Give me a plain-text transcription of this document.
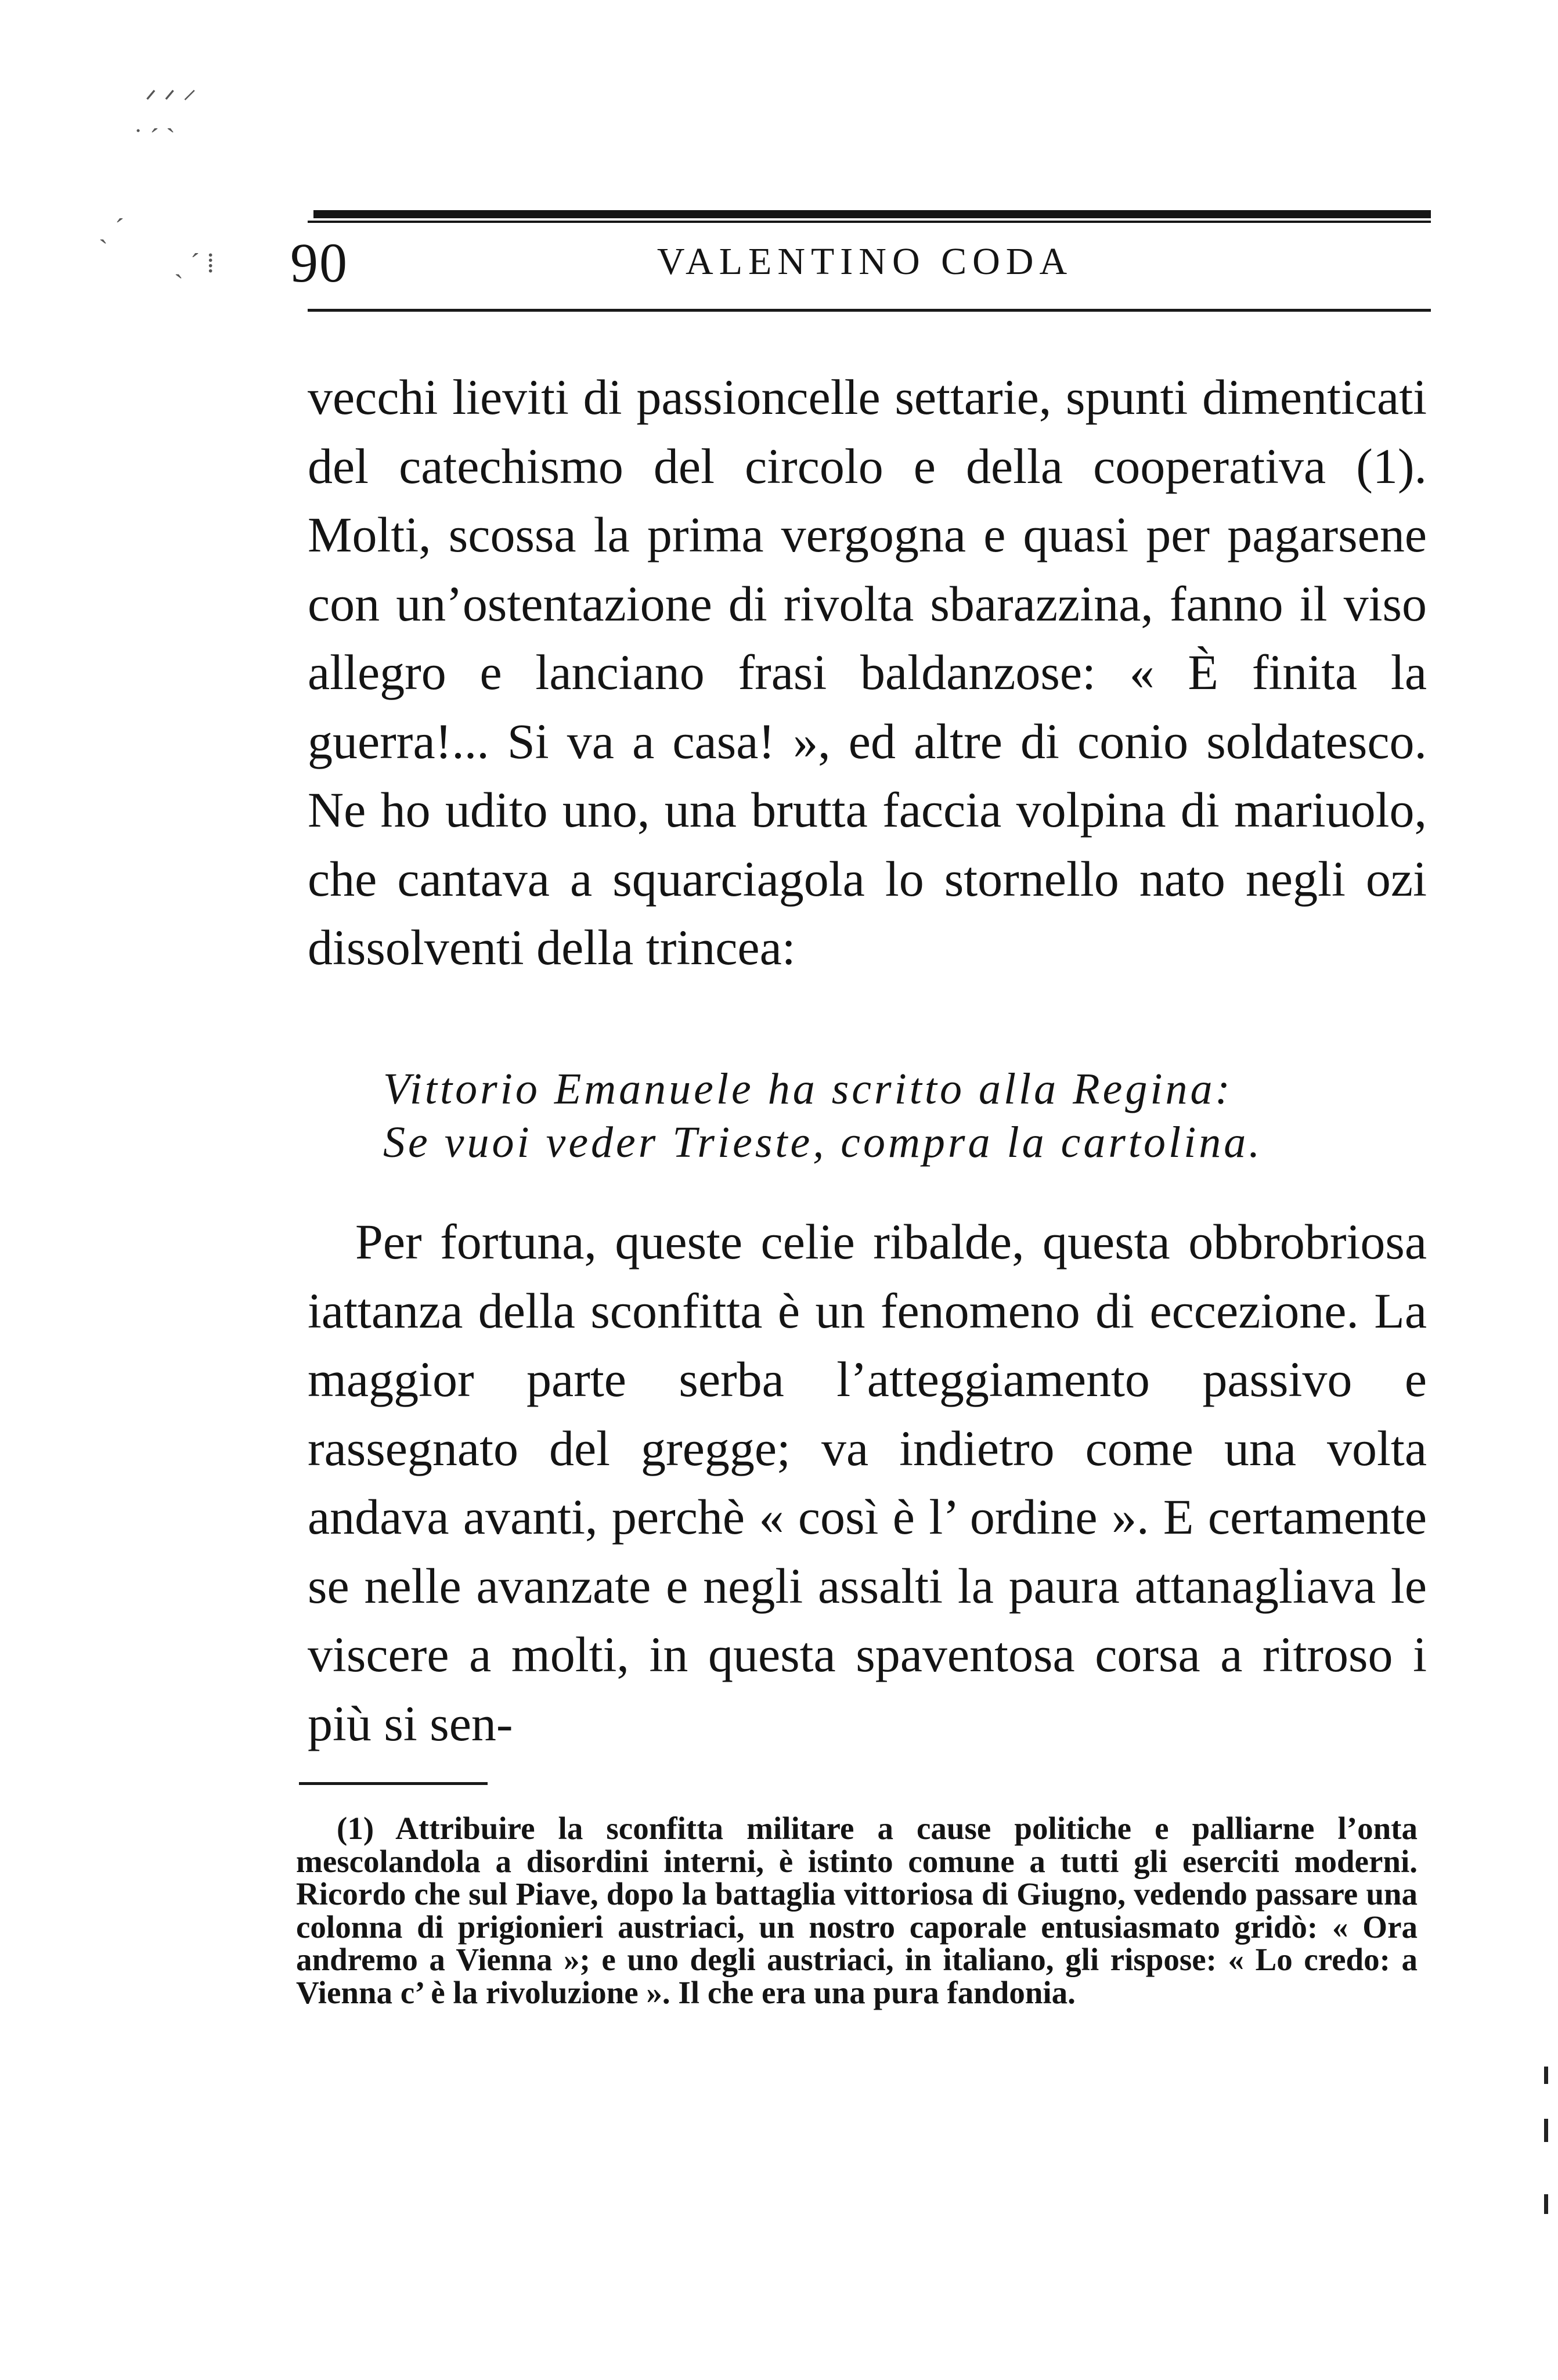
ᐟ ᐟ ⸍
˙ ˊ ˋ
ˏ ˊ
ˏ ˊ ⁞ 90	VALENTINO CODA

vecchi lieviti di passioncelle settarie, spunti dimenticati del catechismo del circolo e della cooperativa (1). Molti, scossa la prima vergogna e quasi per pagarsene con un’ostentazione di rivolta sbarazzina, fanno il viso allegro e lanciano frasi baldanzose: « È finita la guerra!... Si va a casa! », ed altre di conio soldatesco. Ne ho udito uno, una brutta faccia volpina di mariuolo, che cantava a squarciagola lo stornello nato negli ozi dissolventi della trincea:

Vittorio Emanuele ha scritto alla Regina:

Se vuoi veder Trieste, compra la cartolina.

Per fortuna, queste celie ribalde, questa obbrobriosa iattanza della sconfitta è un fenomeno di eccezione. La maggior parte serba l’atteggiamento passivo e rassegnato del gregge; va indietro come una volta andava avanti, perchè « così è l’ ordine ». E certamente se nelle avanzate e negli assalti la paura attanagliava le viscere a molti, in questa spaventosa corsa a ritroso i più si sen-

(1) Attribuire la sconfitta militare a cause politiche e palliarne l’onta mescolandola a disordini interni, è istinto comune a tutti gli eserciti moderni. Ricordo che sul Piave, dopo la battaglia vittoriosa di Giugno, vedendo passare una colonna di prigionieri austriaci, un nostro caporale entusiasmato gridò: « Ora andremo a Vienna »; e uno degli austriaci, in italiano, gli rispose: « Lo credo: a Vienna c’ è la rivoluzione ». Il che era una pura fandonia.
